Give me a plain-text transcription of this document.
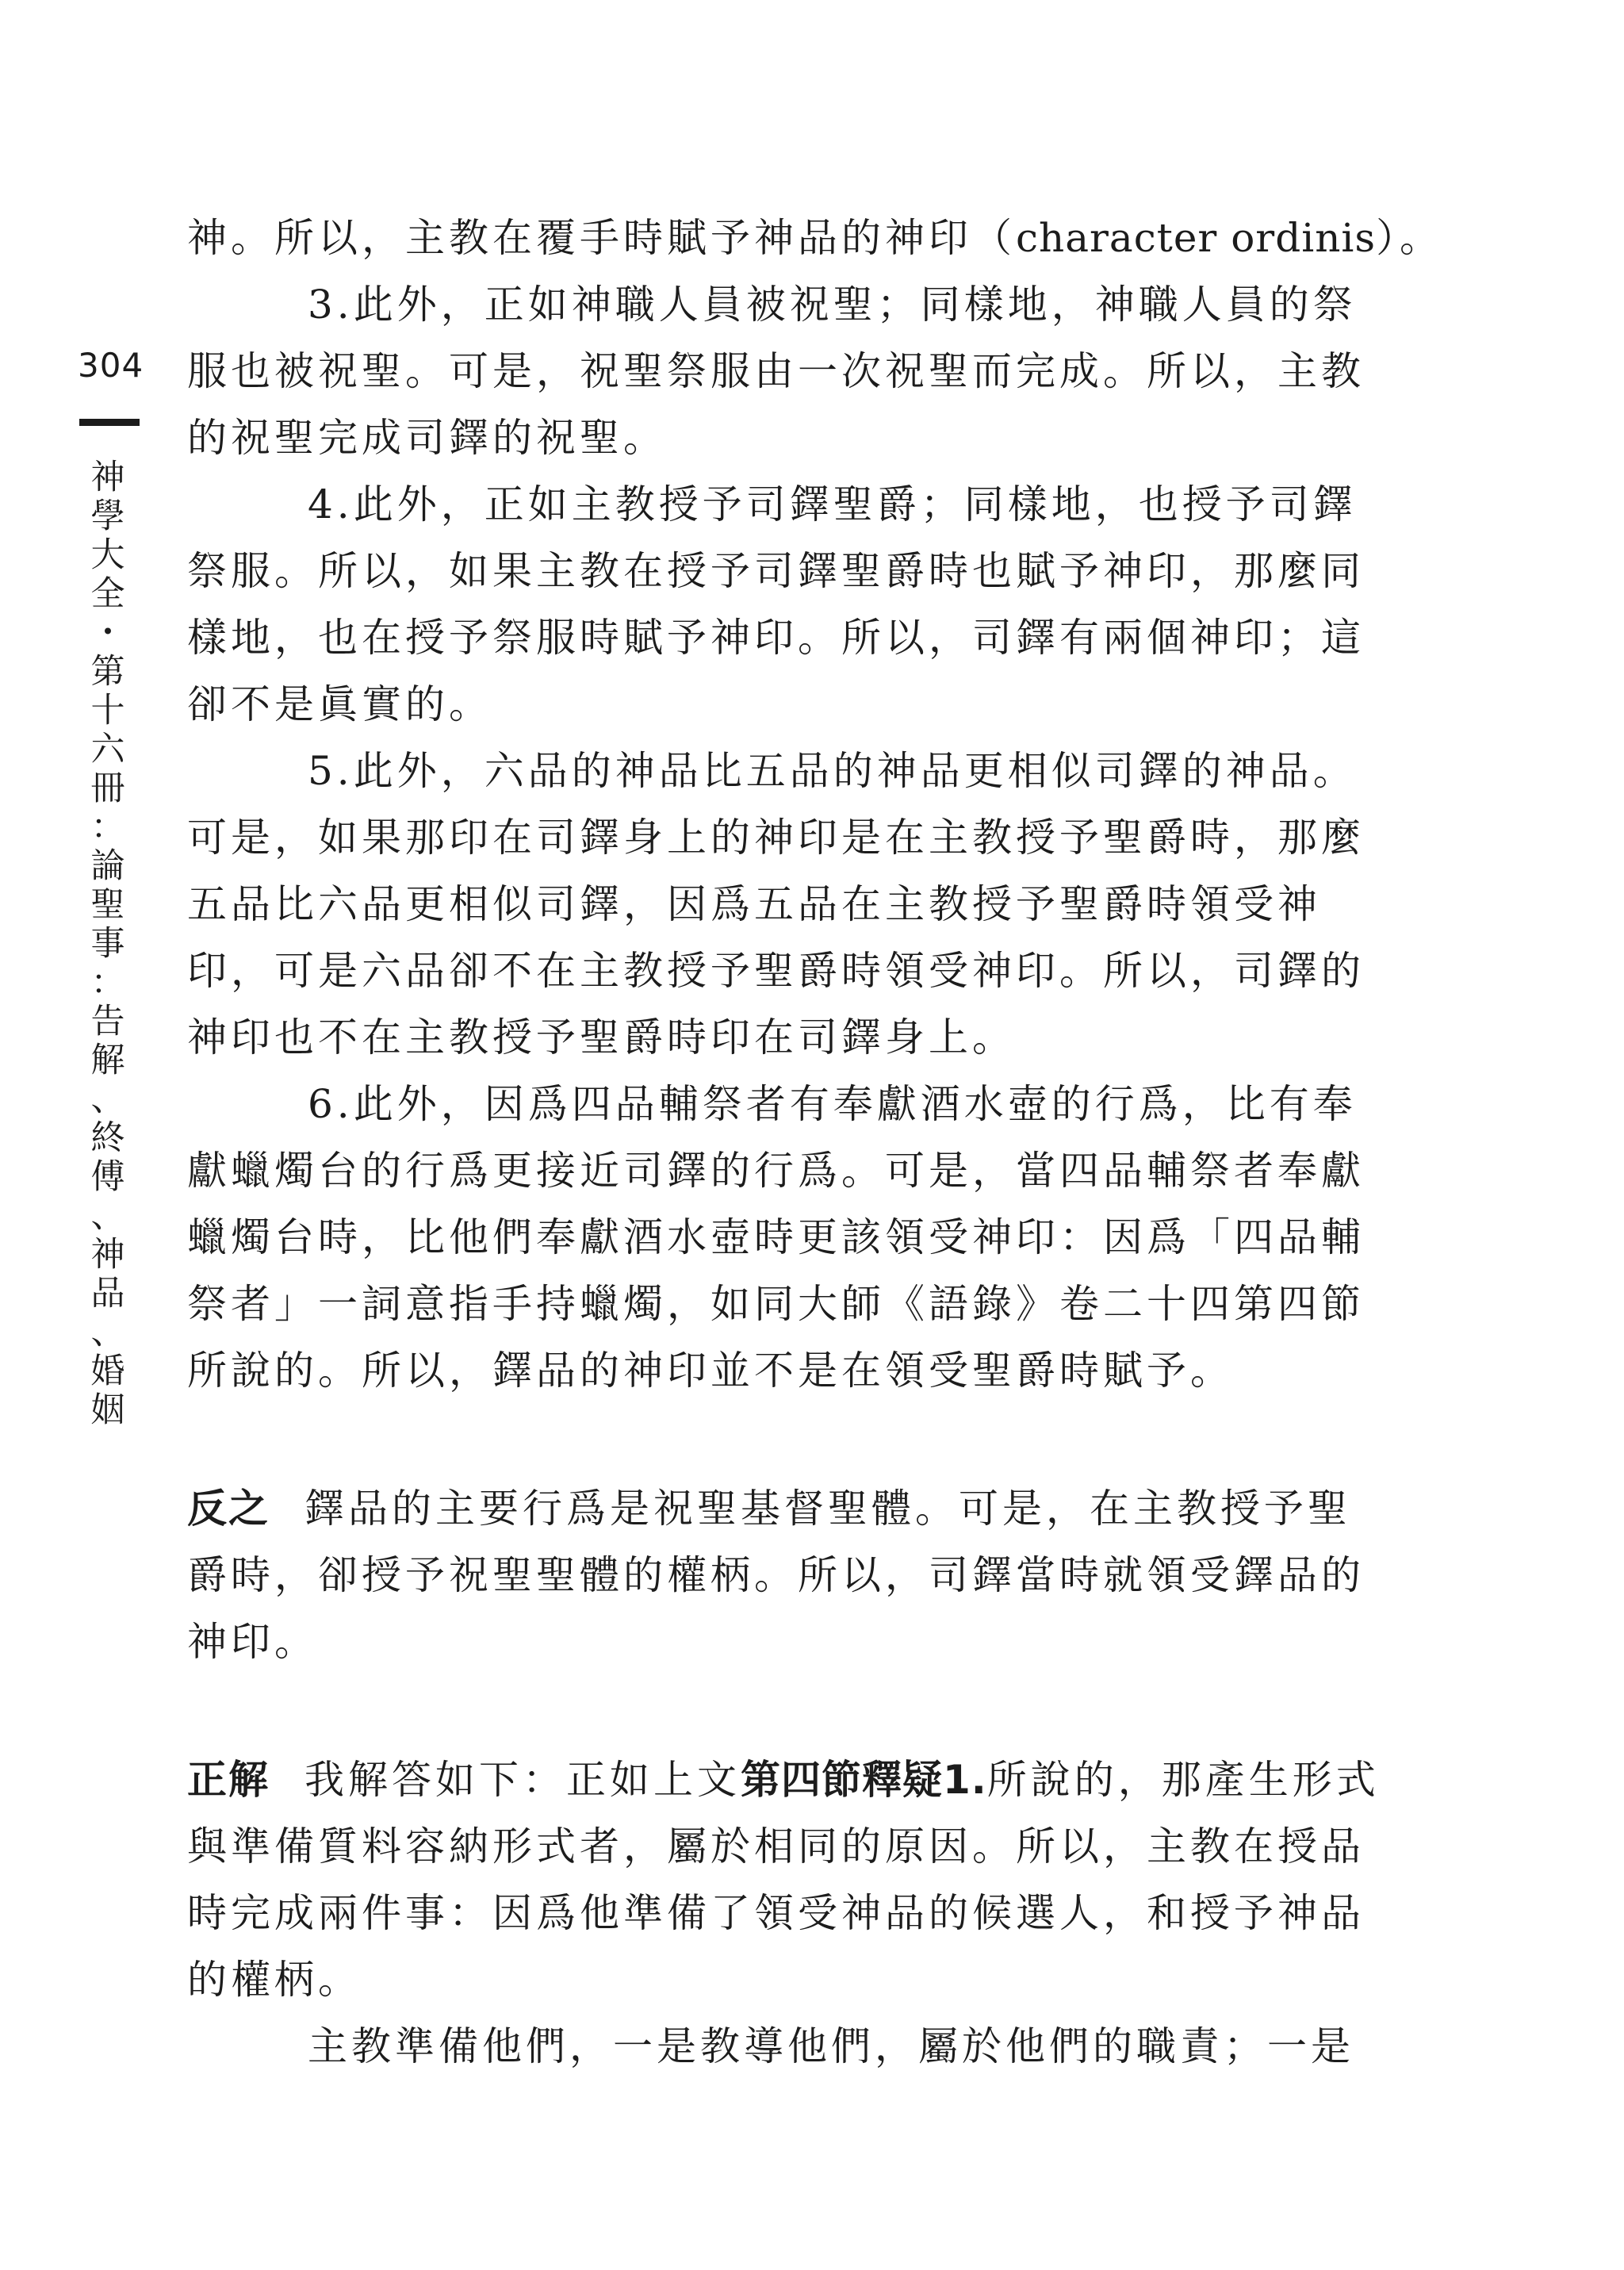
304
神
學
大
全
・
第
十
六
冊
：
論
聖
事
：
告
解
、
終
傅
、
神
品
、
婚
姻
神。所以，主教在覆手時賦予神品的神印（character ordinis）。
3.此外，正如神職人員被祝聖；同樣地，神職人員的祭
服也被祝聖。可是，祝聖祭服由一次祝聖而完成。所以，主教
的祝聖完成司鐸的祝聖。
4.此外，正如主教授予司鐸聖爵；同樣地，也授予司鐸
祭服。所以，如果主教在授予司鐸聖爵時也賦予神印，那麼同
樣地，也在授予祭服時賦予神印。所以，司鐸有兩個神印；這
卻不是眞實的。
5.此外，六品的神品比五品的神品更相似司鐸的神品。
可是，如果那印在司鐸身上的神印是在主教授予聖爵時，那麼
五品比六品更相似司鐸，因爲五品在主教授予聖爵時領受神
印，可是六品卻不在主教授予聖爵時領受神印。所以，司鐸的
神印也不在主教授予聖爵時印在司鐸身上。
6.此外，因爲四品輔祭者有奉獻酒水壺的行爲，比有奉
獻蠟燭台的行爲更接近司鐸的行爲。可是，當四品輔祭者奉獻
蠟燭台時，比他們奉獻酒水壺時更該領受神印：因爲「四品輔
祭者」一詞意指手持蠟燭，如同大師《語錄》卷二十四第四節
所說的。所以，鐸品的神印並不是在領受聖爵時賦予。
反之 鐸品的主要行爲是祝聖基督聖體。可是，在主教授予聖
爵時，卻授予祝聖聖體的權柄。所以，司鐸當時就領受鐸品的
神印。
正解 我解答如下：正如上文第四節釋疑1.所說的，那產生形式
與準備質料容納形式者，屬於相同的原因。所以，主教在授品
時完成兩件事：因爲他準備了領受神品的候選人，和授予神品
的權柄。
主教準備他們，一是教導他們，屬於他們的職責；一是
